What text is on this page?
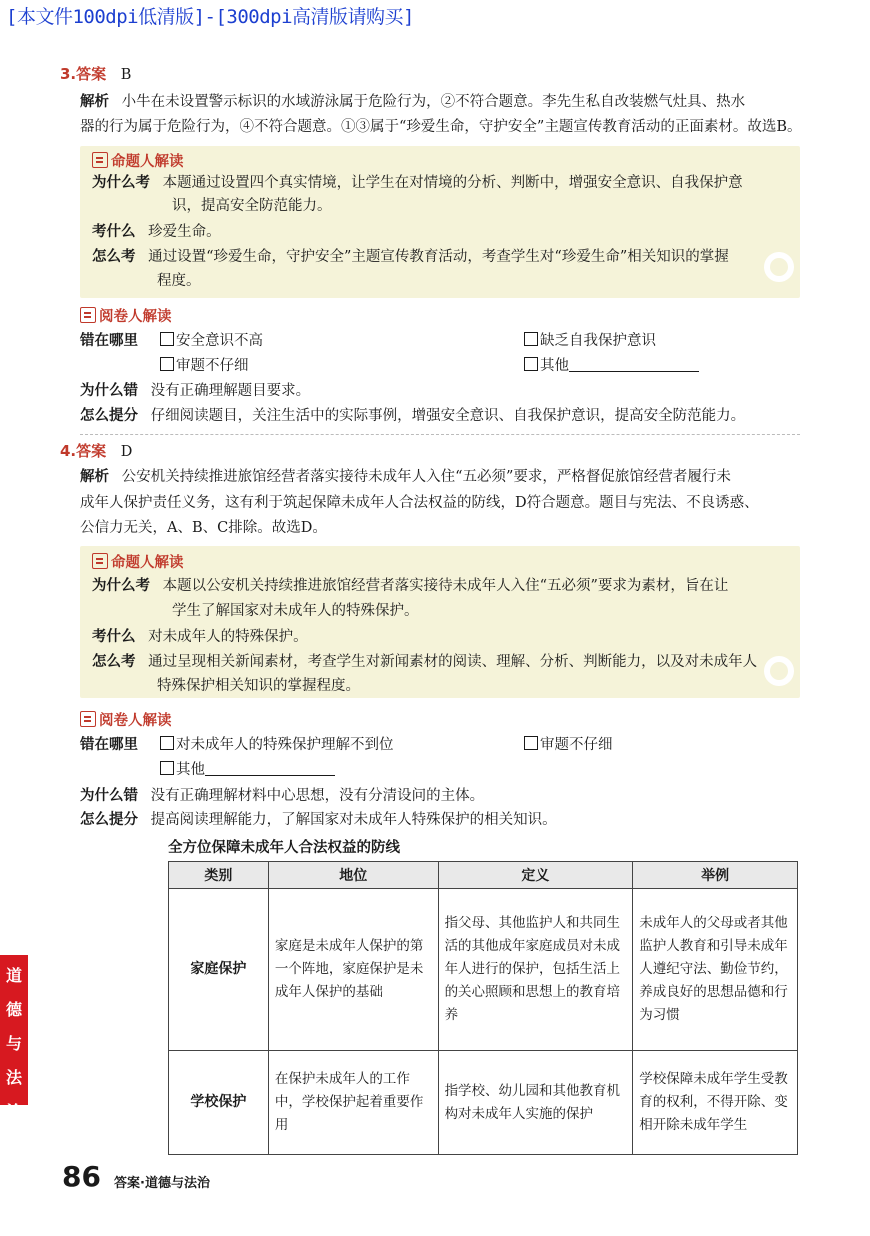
[本文件100dpi低清版]-[300dpi高清版请购买]
3.答案 B
解析 小牛在未设置警示标识的水域游泳属于危险行为，②不符合题意。李先生私自改装燃气灶具、热水
器的行为属于危险行为，④不符合题意。①③属于“珍爱生命，守护安全”主题宣传教育活动的正面素材。故选B。
命题人解读
为什么考 本题通过设置四个真实情境，让学生在对情境的分析、判断中，增强安全意识、自我保护意
识，提高安全防范能力。
考什么 珍爱生命。
怎么考 通过设置“珍爱生命，守护安全”主题宣传教育活动，考查学生对“珍爱生命”相关知识的掌握
程度。
阅卷人解读
错在哪里	安全意识不高	缺乏自我保护意识
审题不仔细	其他
为什么错 没有正确理解题目要求。
怎么提分 仔细阅读题目，关注生活中的实际事例，增强安全意识、自我保护意识，提高安全防范能力。
4.答案 D
解析 公安机关持续推进旅馆经营者落实接待未成年人入住“五必须”要求，严格督促旅馆经营者履行未
成年人保护责任义务，这有利于筑起保障未成年人合法权益的防线，D符合题意。题目与宪法、不良诱惑、
公信力无关，A、B、C排除。故选D。
命题人解读
为什么考 本题以公安机关持续推进旅馆经营者落实接待未成年人入住“五必须”要求为素材，旨在让
学生了解国家对未成年人的特殊保护。
考什么 对未成年人的特殊保护。
怎么考 通过呈现相关新闻素材，考查学生对新闻素材的阅读、理解、分析、判断能力，以及对未成年人
特殊保护相关知识的掌握程度。
阅卷人解读
错在哪里	对未成年人的特殊保护理解不到位	审题不仔细
其他
为什么错 没有正确理解材料中心思想，没有分清设问的主体。
怎么提分 提高阅读理解能力，了解国家对未成年人特殊保护的相关知识。
全方位保障未成年人合法权益的防线
类别	地位	定义	举例
家庭保护	家庭是未成年人保护的第一个阵地，家庭保护是未成年人保护的基础	指父母、其他监护人和共同生活的其他成年家庭成员对未成年人进行的保护，包括生活上的关心照顾和思想上的教育培养	未成年人的父母或者其他监护人教育和引导未成年人遵纪守法、勤俭节约，养成良好的思想品德和行为习惯
学校保护	在保护未成年人的工作中，学校保护起着重要作用	指学校、幼儿园和其他教育机构对未成年人实施的保护	学校保障未成年学生受教育的权利，不得开除、变相开除未成年学生
道
德
与
法
治
86 答案·道德与法治
